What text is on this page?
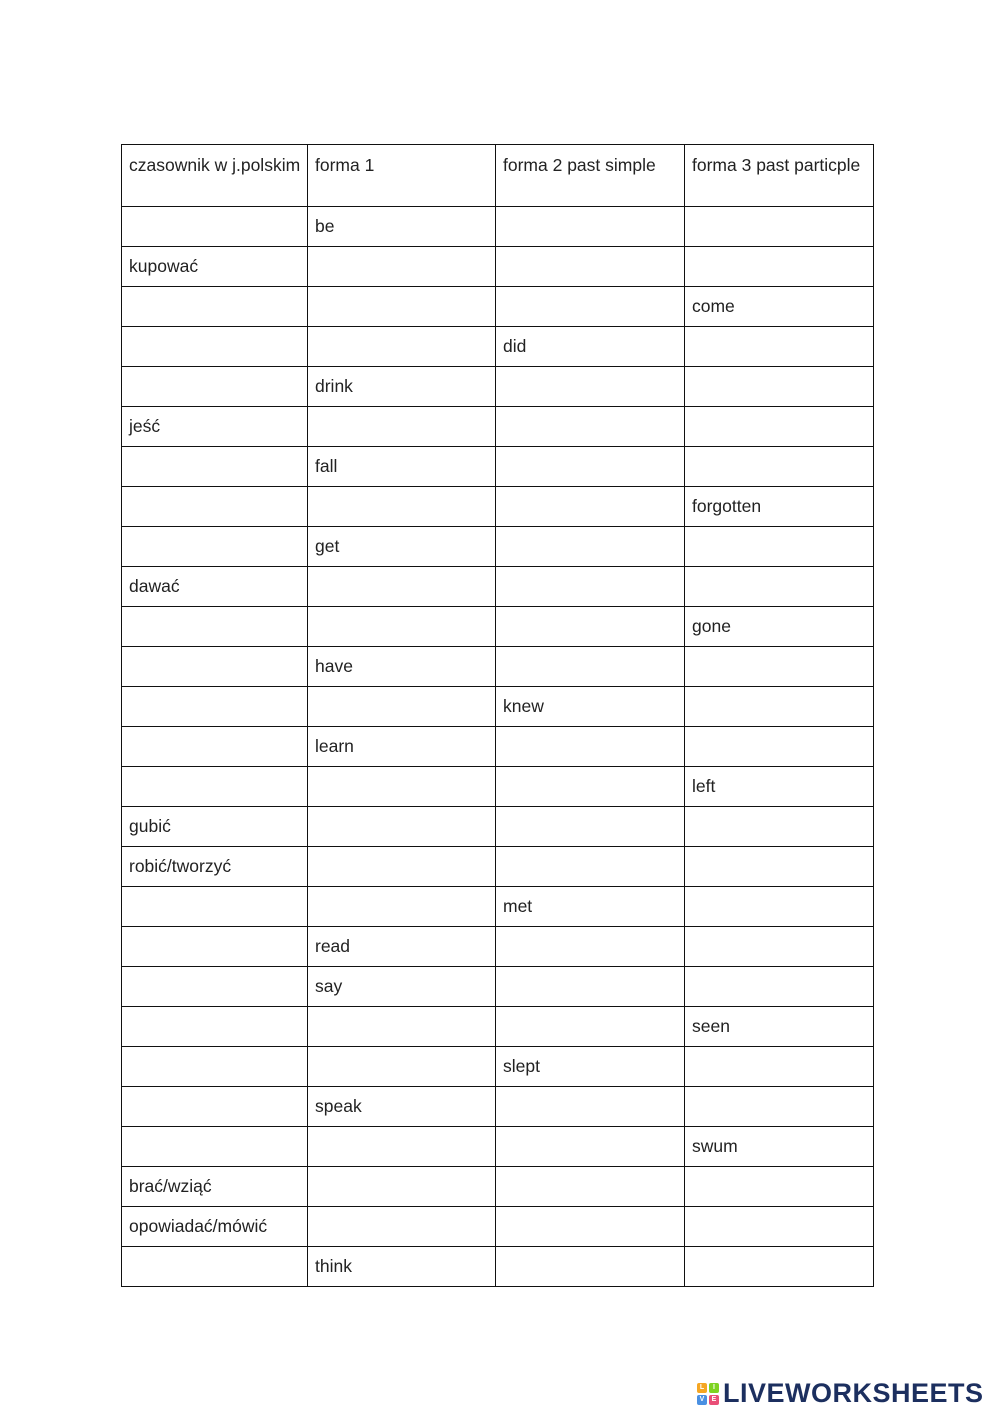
czasownik w j.polskim	forma 1	forma 2 past simple	forma 3 past particple
	be		
kupować			
			come
		did	
	drink		
jeść			
	fall		
			forgotten
	get		
dawać			
			gone
	have		
		knew	
	learn		
			left
gubić			
robić/tworzyć			
		met	
	read		
	say		
			seen
		slept	
	speak		
			swum
brać/wziąć			
opowiadać/mówić			
	think		
L	I
V	E LIVEWORKSHEETS
